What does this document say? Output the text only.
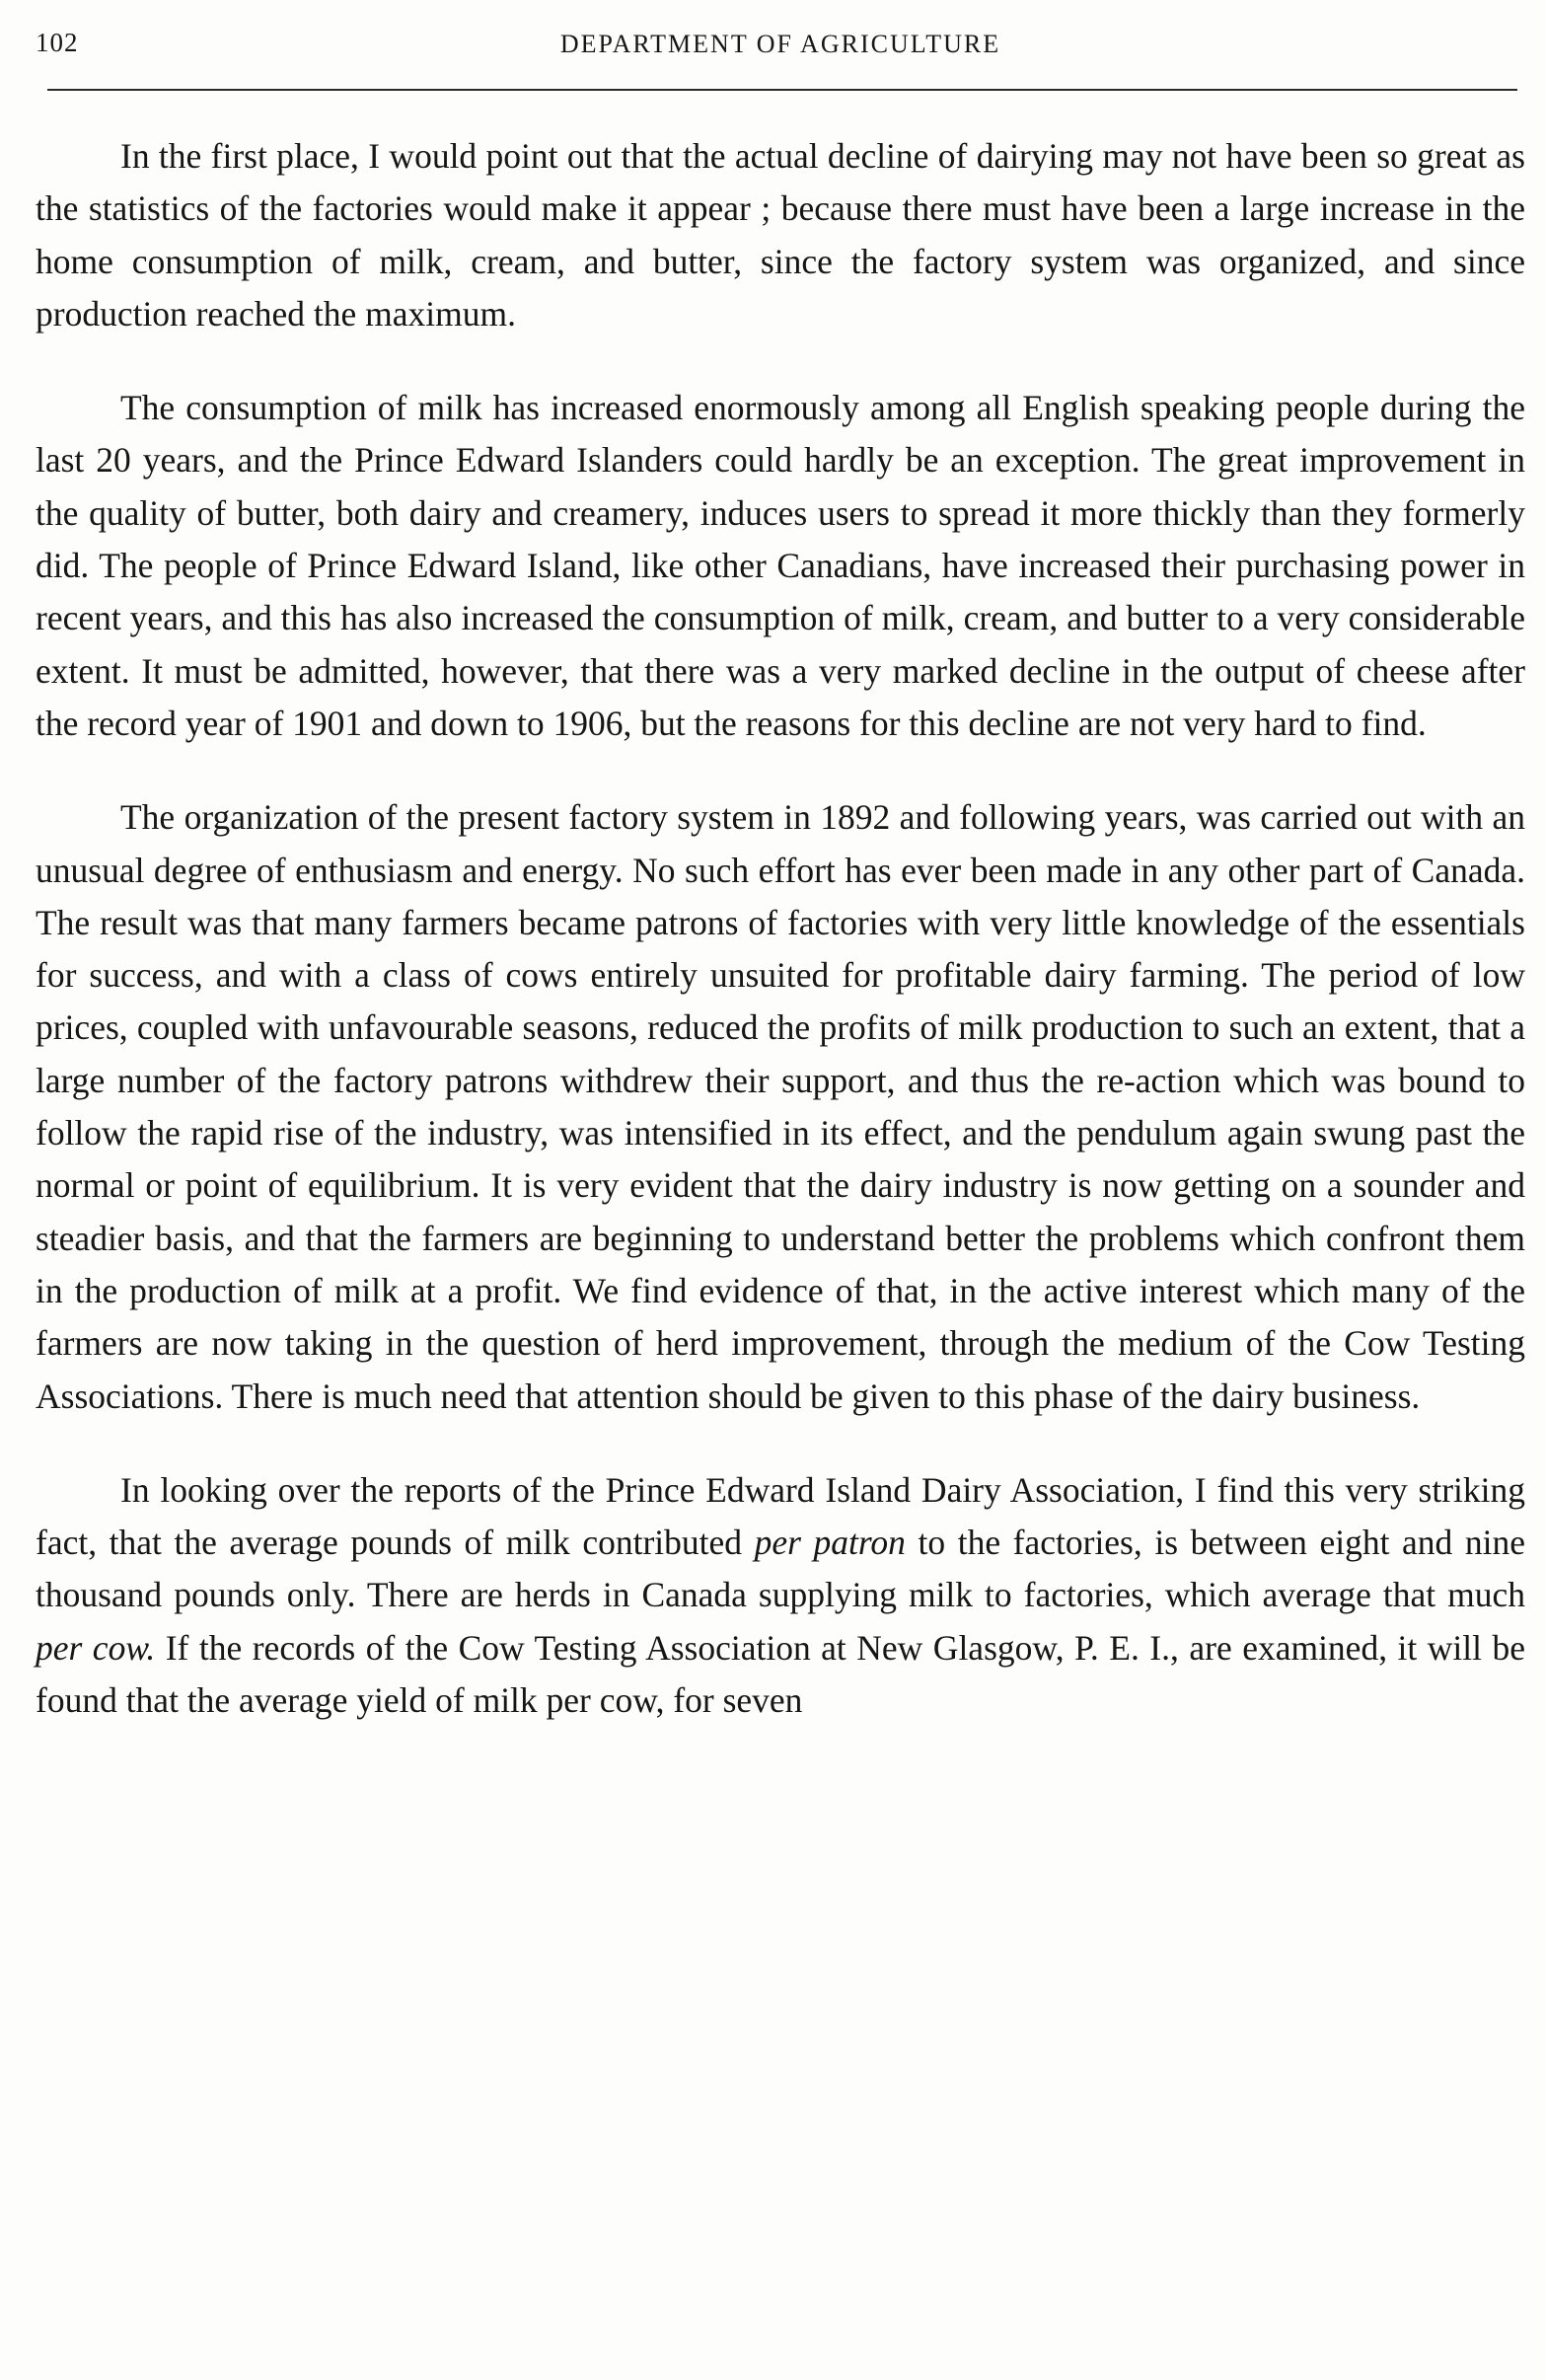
102	DEPARTMENT OF AGRICULTURE

In the first place, I would point out that the actual decline of dairying may not have been so great as the statistics of the factories would make it appear ; because there must have been a large increase in the home consumption of milk, cream, and butter, since the factory system was organized, and since production reached the maximum.

The consumption of milk has increased enormously among all English speaking people during the last 20 years, and the Prince Edward Islanders could hardly be an exception. The great improvement in the quality of butter, both dairy and creamery, induces users to spread it more thickly than they formerly did. The people of Prince Edward Island, like other Canadians, have increased their purchasing power in recent years, and this has also increased the consumption of milk, cream, and butter to a very considerable extent. It must be admitted, however, that there was a very marked decline in the output of cheese after the record year of 1901 and down to 1906, but the reasons for this decline are not very hard to find.

The organization of the present factory system in 1892 and following years, was carried out with an unusual degree of enthusiasm and energy. No such effort has ever been made in any other part of Canada. The result was that many farmers became patrons of factories with very little knowledge of the essentials for success, and with a class of cows entirely unsuited for profitable dairy farming. The period of low prices, coupled with unfavourable seasons, reduced the profits of milk production to such an extent, that a large number of the factory patrons withdrew their support, and thus the re-action which was bound to follow the rapid rise of the industry, was intensified in its effect, and the pendulum again swung past the normal or point of equilibrium. It is very evident that the dairy industry is now getting on a sounder and steadier basis, and that the farmers are beginning to understand better the problems which confront them in the production of milk at a profit. We find evidence of that, in the active interest which many of the farmers are now taking in the question of herd improvement, through the medium of the Cow Testing Associations. There is much need that attention should be given to this phase of the dairy business.

In looking over the reports of the Prince Edward Island Dairy Association, I find this very striking fact, that the average pounds of milk contributed per patron to the factories, is between eight and nine thousand pounds only. There are herds in Canada supplying milk to factories, which average that much per cow. If the records of the Cow Testing Association at New Glasgow, P. E. I., are examined, it will be found that the average yield of milk per cow, for seven
